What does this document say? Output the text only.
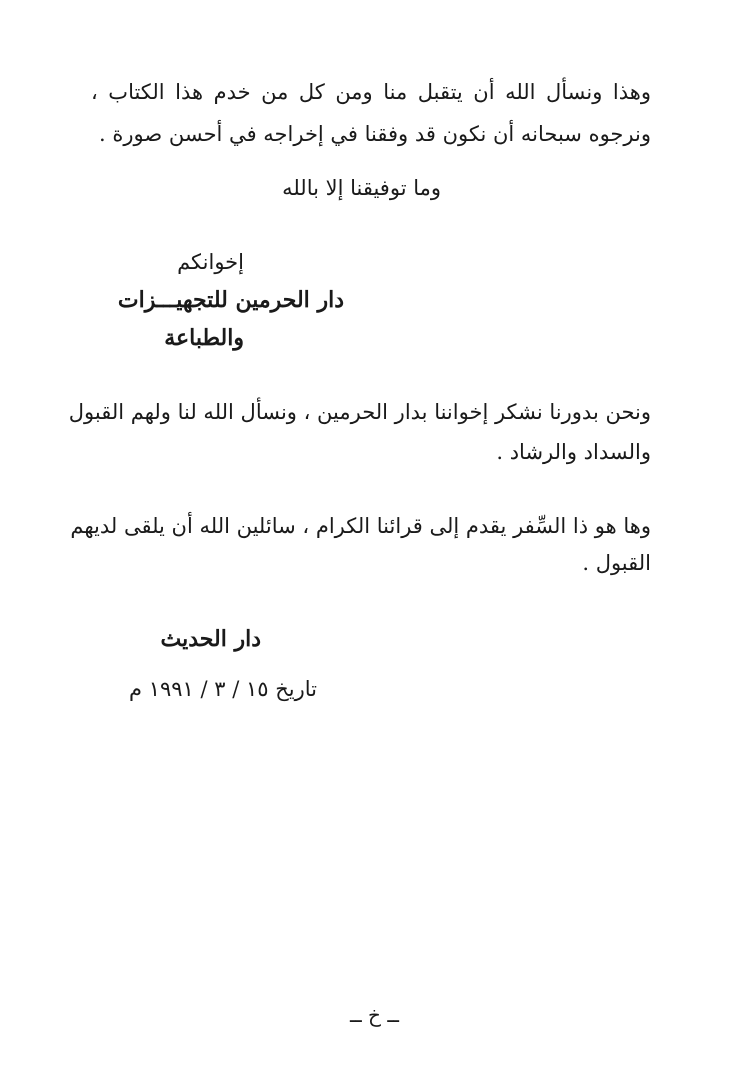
وهذا ونسأل الله أن يتقبل منا ومن كل من خدم هذا الكتاب ،
ونرجوه سبحانه أن نكون قد وفقنا في إخراجه في أحسن صورة .
وما توفيقنا إلا بالله
إخوانكم
دار الحرمين للتجهيـــزات
والطباعة
ونحن بدورنا نشكر إخواننا بدار الحرمين ، ونسأل الله لنا ولهم القبول
والسداد والرشاد .
وها هو ذا السِّفر يقدم إلى قرائنا الكرام ، سائلين الله أن يلقى لديهم
القبول .
دار الحديث
تاريخ ١٥ / ٣ / ١٩٩١ م
ــ خ ــ
